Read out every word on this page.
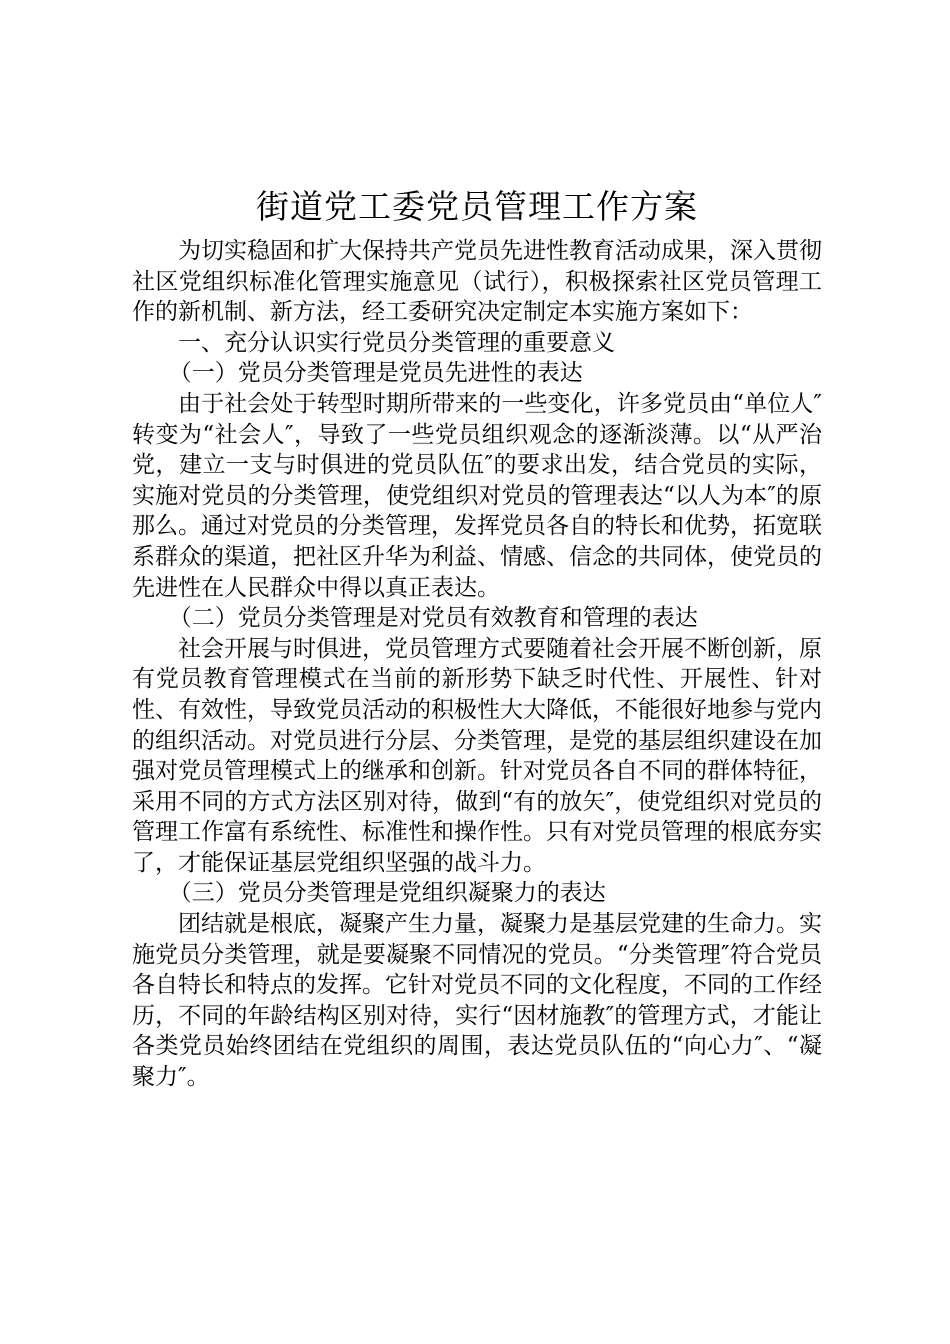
街道党工委党员管理工作方案

为切实稳固和扩大保持共产党员先进性教育活动成果，深入贯彻社区党组织标准化管理实施意见（试行），积极探索社区党员管理工作的新机制、新方法，经工委研究决定制定本实施方案如下：

一、充分认识实行党员分类管理的重要意义

（一）党员分类管理是党员先进性的表达

由于社会处于转型时期所带来的一些变化，许多党员由“单位人″转变为“社会人″，导致了一些党员组织观念的逐渐淡薄。以“从严治党，建立一支与时俱进的党员队伍″的要求出发，结合党员的实际，实施对党员的分类管理，使党组织对党员的管理表达“以人为本″的原那么。通过对党员的分类管理，发挥党员各自的特长和优势，拓宽联系群众的渠道，把社区升华为利益、情感、信念的共同体，使党员的先进性在人民群众中得以真正表达。

（二）党员分类管理是对党员有效教育和管理的表达

社会开展与时俱进，党员管理方式要随着社会开展不断创新，原有党员教育管理模式在当前的新形势下缺乏时代性、开展性、针对性、有效性，导致党员活动的积极性大大降低，不能很好地参与党内的组织活动。对党员进行分层、分类管理，是党的基层组织建设在加强对党员管理模式上的继承和创新。针对党员各自不同的群体特征，采用不同的方式方法区别对待，做到“有的放矢″，使党组织对党员的管理工作富有系统性、标准性和操作性。只有对党员管理的根底夯实了，才能保证基层党组织坚强的战斗力。

（三）党员分类管理是党组织凝聚力的表达

团结就是根底，凝聚产生力量，凝聚力是基层党建的生命力。实施党员分类管理，就是要凝聚不同情况的党员。“分类管理″符合党员各自特长和特点的发挥。它针对党员不同的文化程度，不同的工作经历，不同的年龄结构区别对待，实行“因材施教″的管理方式，才能让各类党员始终团结在党组织的周围，表达党员队伍的“向心力″、“凝聚力″。
